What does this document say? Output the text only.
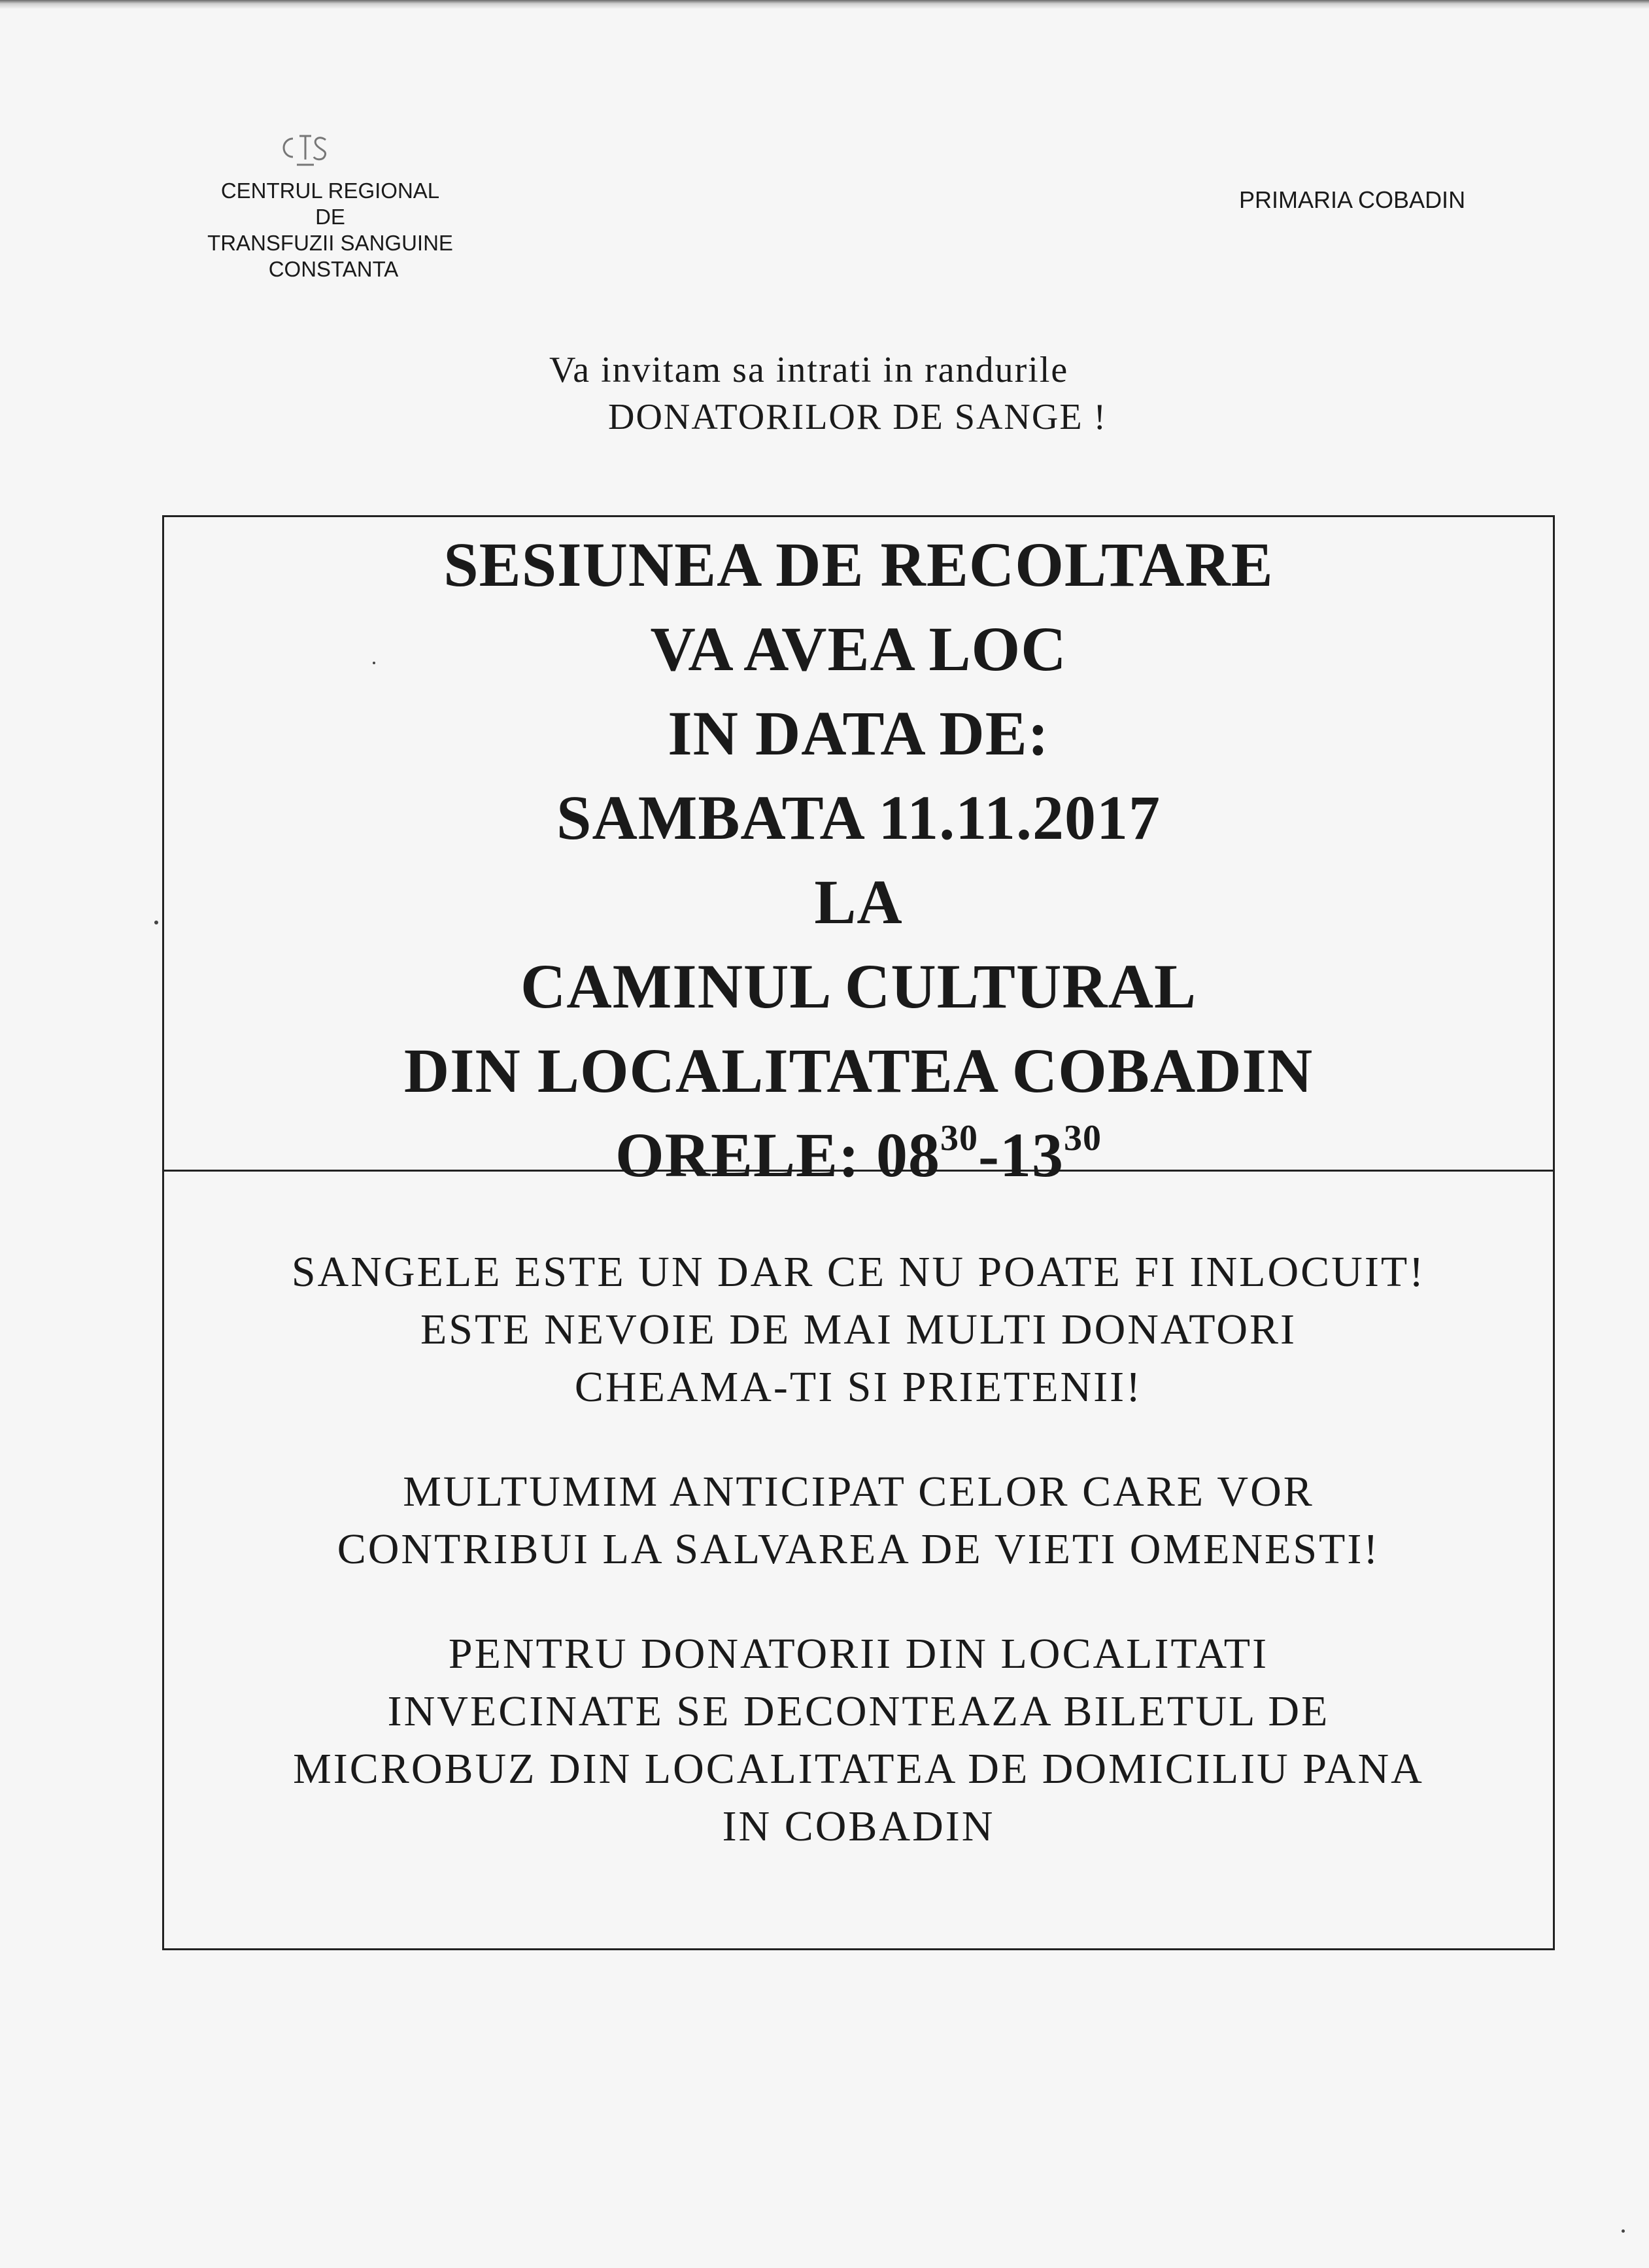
CENTRUL REGIONAL
DE
TRANSFUZII SANGUINE
CONSTANTA
PRIMARIA COBADIN
Va invitam sa intrati in randurile
DONATORILOR DE SANGE !
SESIUNEA DE RECOLTARE
VA AVEA LOC
IN DATA DE:
SAMBATA 11.11.2017
LA
CAMINUL CULTURAL
DIN LOCALITATEA COBADIN
ORELE: $08^{30}-13^{30}$
SANGELE ESTE UN DAR CE NU POATE FI INLOCUIT!
ESTE NEVOIE DE MAI MULTI DONATORI
CHEAMA-TI SI PRIETENII!
MULTUMIM ANTICIPAT CELOR CARE VOR
CONTRIBUI LA SALVAREA DE VIETI OMENESTI!
PENTRU DONATORII DIN LOCALITATI
INVECINATE SE DECONTEAZA BILETUL DE
MICROBUZ DIN LOCALITATEA DE DOMICILIU PANA
IN COBADIN
